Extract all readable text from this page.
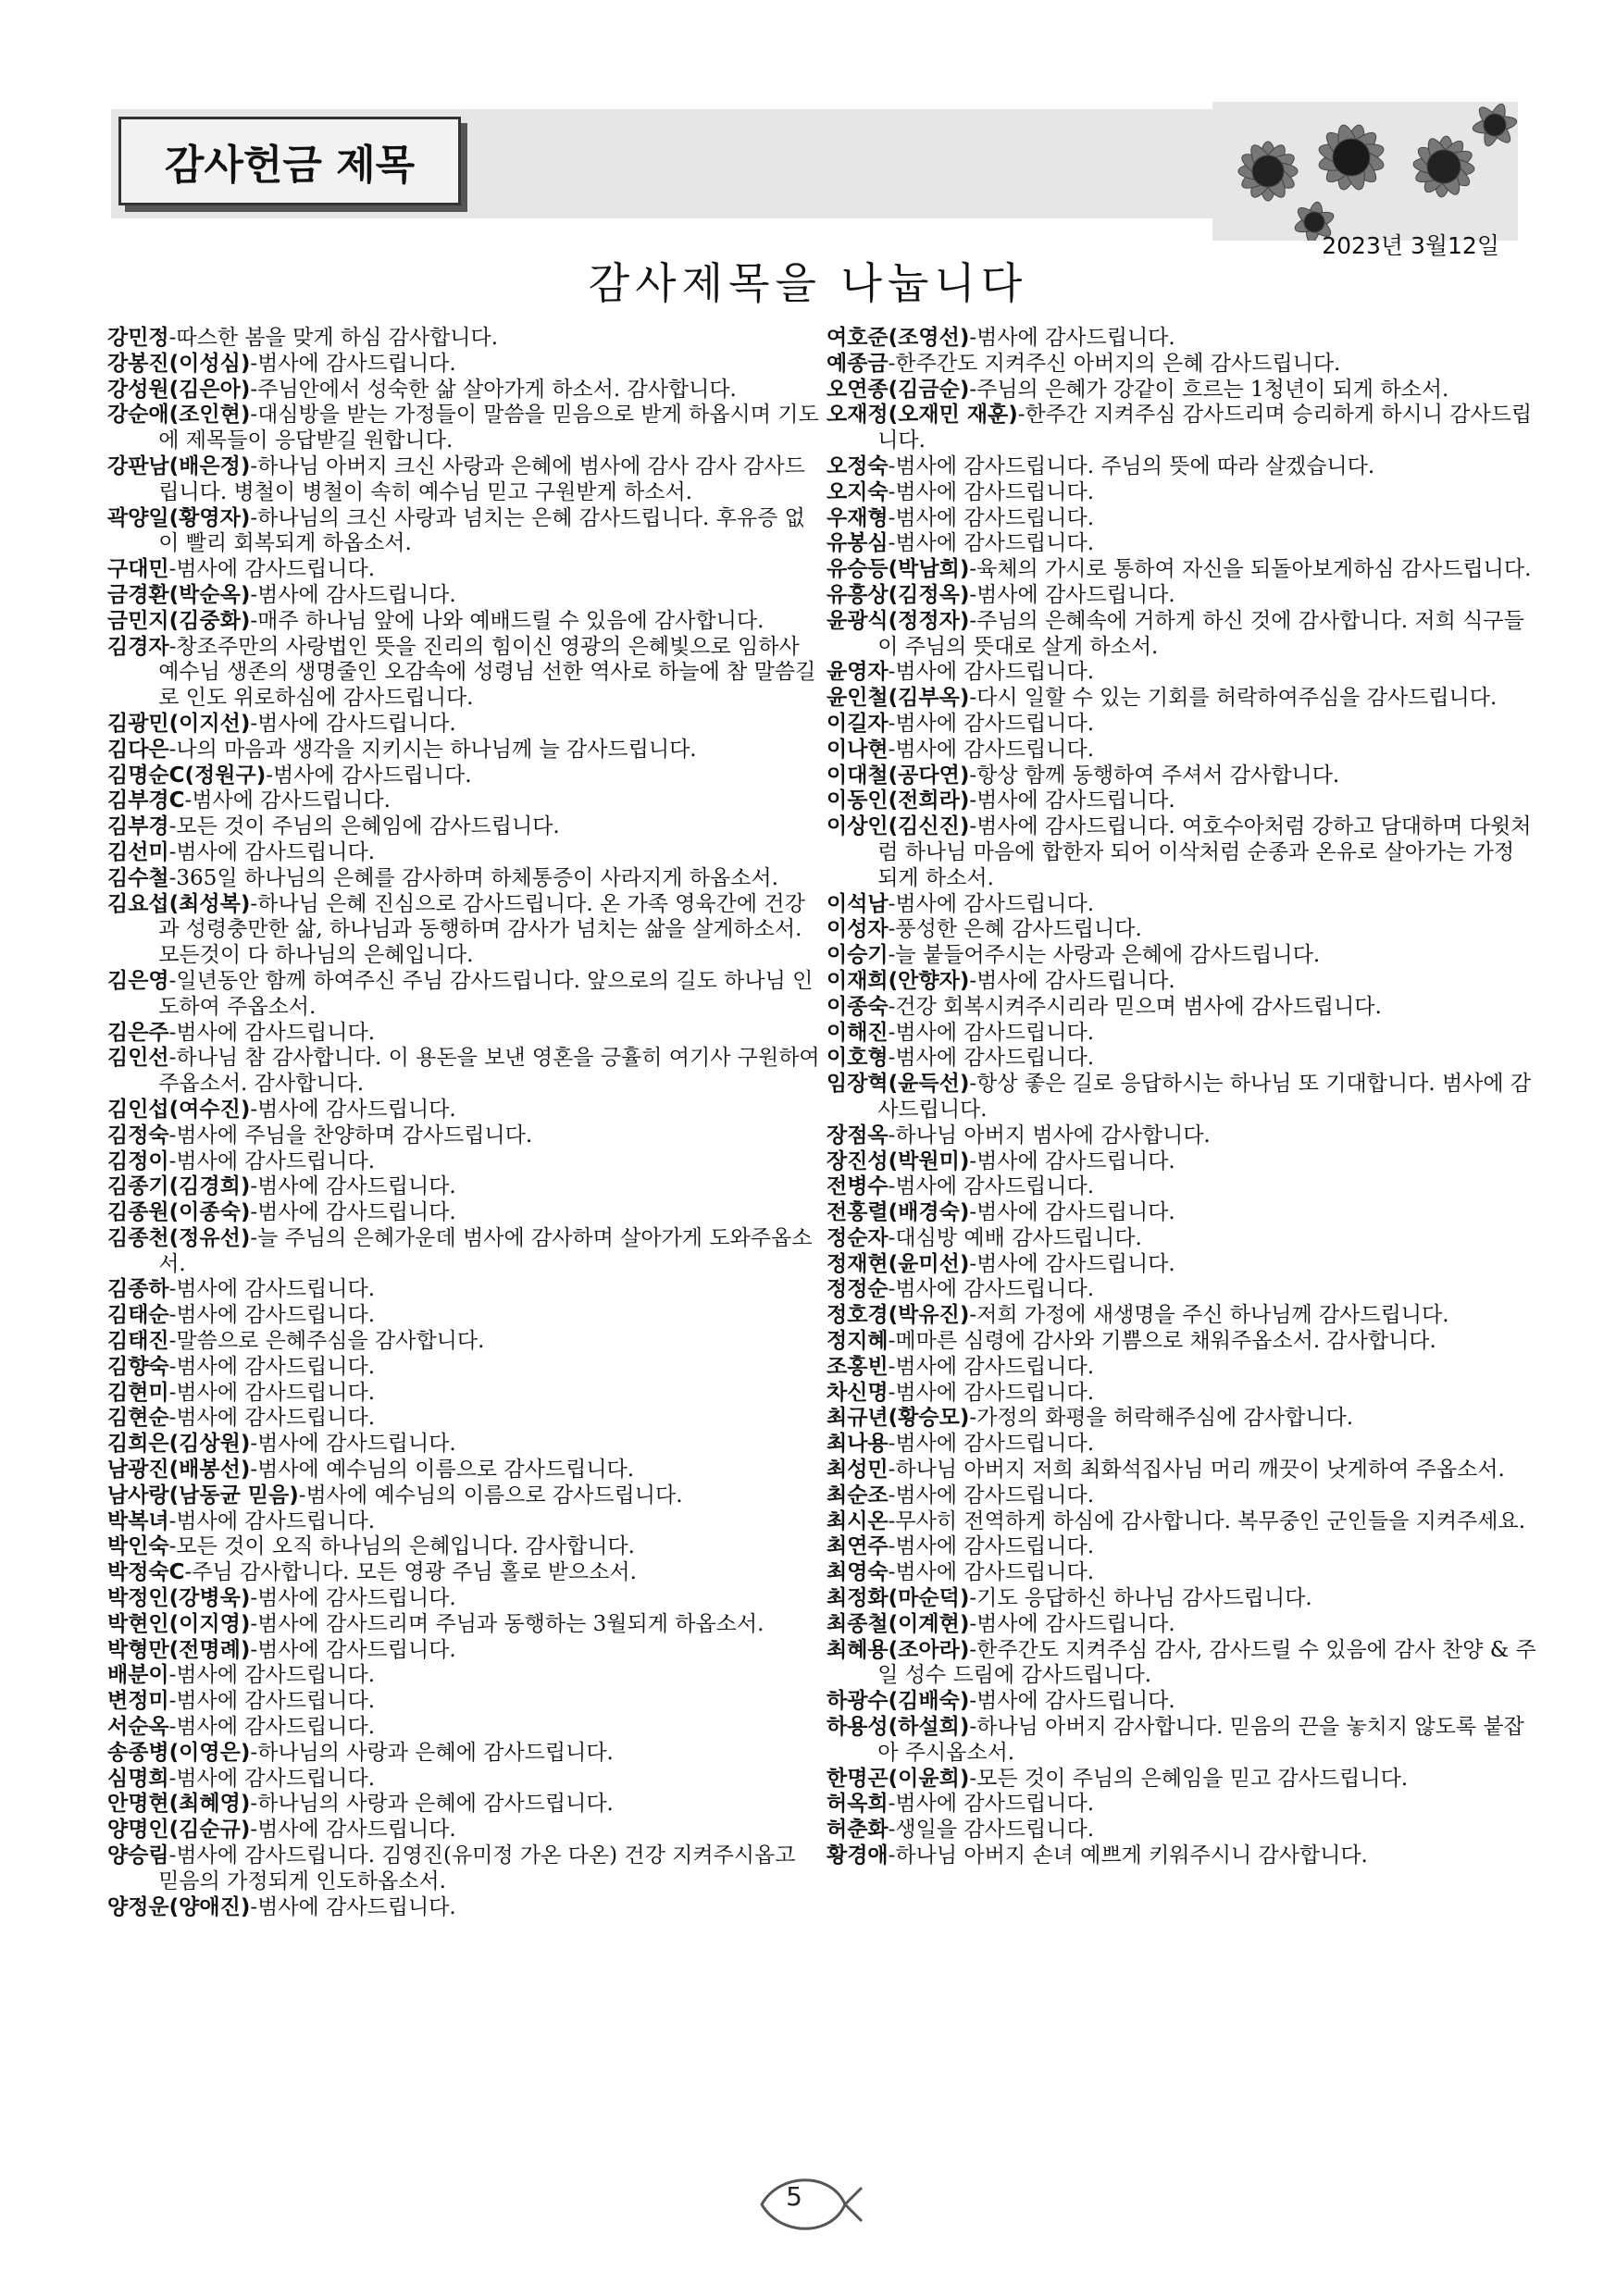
감사헌금 제목
2023년 3월12일
감사제목을 나눕니다

강민정-따스한 봄을 맞게 하심 감사합니다.

강봉진(이성심)-범사에 감사드립니다.

강성원(김은아)-주님안에서 성숙한 삶 살아가게 하소서. 감사합니다.

강순애(조인현)-대심방을 받는 가정들이 말씀을 믿음으로 받게 하옵시며 기도에 제목들이 응답받길 원합니다.

강판남(배은정)-하나님 아버지 크신 사랑과 은혜에 범사에 감사 감사 감사드립니다. 병철이 병철이 속히 예수님 믿고 구원받게 하소서.

곽양일(황영자)-하나님의 크신 사랑과 넘치는 은혜 감사드립니다. 후유증 없이 빨리 회복되게 하옵소서.

구대민-범사에 감사드립니다.

금경환(박순옥)-범사에 감사드립니다.

금민지(김중화)-매주 하나님 앞에 나와 예배드릴 수 있음에 감사합니다.

김경자-창조주만의 사랑법인 뜻을 진리의 힘이신 영광의 은혜빛으로 임하사 예수님 생존의 생명줄인 오감속에 성령님 선한 역사로 하늘에 참 말씀길로 인도 위로하심에 감사드립니다.

김광민(이지선)-범사에 감사드립니다.

김다은-나의 마음과 생각을 지키시는 하나님께 늘 감사드립니다.

김명순C(정원구)-범사에 감사드립니다.

김부경C-범사에 감사드립니다.

김부경-모든 것이 주님의 은혜임에 감사드립니다.

김선미-범사에 감사드립니다.

김수철-365일 하나님의 은혜를 감사하며 하체통증이 사라지게 하옵소서.

김요섭(최성복)-하나님 은혜 진심으로 감사드립니다. 온 가족 영육간에 건강과 성령충만한 삶, 하나님과 동행하며 감사가 넘치는 삶을 살게하소서. 모든것이 다 하나님의 은혜입니다.

김은영-일년동안 함께 하여주신 주님 감사드립니다. 앞으로의 길도 하나님 인도하여 주옵소서.

김은주-범사에 감사드립니다.

김인선-하나님 참 감사합니다. 이 용돈을 보낸 영혼을 긍휼히 여기사 구원하여 주옵소서. 감사합니다.

김인섭(여수진)-범사에 감사드립니다.

김정숙-범사에 주님을 찬양하며 감사드립니다.

김정이-범사에 감사드립니다.

김종기(김경희)-범사에 감사드립니다.

김종원(이종숙)-범사에 감사드립니다.

김종천(정유선)-늘 주님의 은혜가운데 범사에 감사하며 살아가게 도와주옵소서.

김종하-범사에 감사드립니다.

김태순-범사에 감사드립니다.

김태진-말씀으로 은혜주심을 감사합니다.

김향숙-범사에 감사드립니다.

김현미-범사에 감사드립니다.

김현순-범사에 감사드립니다.

김희은(김상원)-범사에 감사드립니다.

남광진(배봉선)-범사에 예수님의 이름으로 감사드립니다.

남사랑(남동균 믿음)-범사에 예수님의 이름으로 감사드립니다.

박복녀-범사에 감사드립니다.

박인숙-모든 것이 오직 하나님의 은혜입니다. 감사합니다.

박정숙C-주님 감사합니다. 모든 영광 주님 홀로 받으소서.

박정인(강병욱)-범사에 감사드립니다.

박현인(이지영)-범사에 감사드리며 주님과 동행하는 3월되게 하옵소서.

박형만(전명례)-범사에 감사드립니다.

배분이-범사에 감사드립니다.

변정미-범사에 감사드립니다.

서순옥-범사에 감사드립니다.

송종병(이영은)-하나님의 사랑과 은혜에 감사드립니다.

심명희-범사에 감사드립니다.

안명현(최혜영)-하나님의 사랑과 은혜에 감사드립니다.

양명인(김순규)-범사에 감사드립니다.

양승림-범사에 감사드립니다. 김영진(유미정 가온 다온) 건강 지켜주시옵고 믿음의 가정되게 인도하옵소서.

양정운(양애진)-범사에 감사드립니다.

여호준(조영선)-범사에 감사드립니다.

예종금-한주간도 지켜주신 아버지의 은혜 감사드립니다.

오연종(김금순)-주님의 은혜가 강같이 흐르는 1청년이 되게 하소서.

오재정(오재민 재훈)-한주간 지켜주심 감사드리며 승리하게 하시니 감사드립니다.

오정숙-범사에 감사드립니다. 주님의 뜻에 따라 살겠습니다.

오지숙-범사에 감사드립니다.

우재형-범사에 감사드립니다.

유봉심-범사에 감사드립니다.

유승등(박남희)-육체의 가시로 통하여 자신을 되돌아보게하심 감사드립니다.

유흥상(김정옥)-범사에 감사드립니다.

윤광식(정정자)-주님의 은혜속에 거하게 하신 것에 감사합니다. 저희 식구들이 주님의 뜻대로 살게 하소서.

윤영자-범사에 감사드립니다.

윤인철(김부옥)-다시 일할 수 있는 기회를 허락하여주심을 감사드립니다.

이길자-범사에 감사드립니다.

이나현-범사에 감사드립니다.

이대철(공다연)-항상 함께 동행하여 주셔서 감사합니다.

이동인(전희라)-범사에 감사드립니다.

이상인(김신진)-범사에 감사드립니다. 여호수아처럼 강하고 담대하며 다윗처럼 하나님 마음에 합한자 되어 이삭처럼 순종과 온유로 살아가는 가정 되게 하소서.

이석남-범사에 감사드립니다.

이성자-풍성한 은혜 감사드립니다.

이승기-늘 붙들어주시는 사랑과 은혜에 감사드립니다.

이재희(안향자)-범사에 감사드립니다.

이종숙-건강 회복시켜주시리라 믿으며 범사에 감사드립니다.

이해진-범사에 감사드립니다.

이호형-범사에 감사드립니다.

임장혁(윤득선)-항상 좋은 길로 응답하시는 하나님 또 기대합니다. 범사에 감사드립니다.

장점옥-하나님 아버지 범사에 감사합니다.

장진성(박원미)-범사에 감사드립니다.

전병수-범사에 감사드립니다.

전홍렬(배경숙)-범사에 감사드립니다.

정순자-대심방 예배 감사드립니다.

정재현(윤미선)-범사에 감사드립니다.

정정순-범사에 감사드립니다.

정호경(박유진)-저희 가정에 새생명을 주신 하나님께 감사드립니다.

정지혜-메마른 심령에 감사와 기쁨으로 채워주옵소서. 감사합니다.

조홍빈-범사에 감사드립니다.

차신명-범사에 감사드립니다.

최규년(황승모)-가정의 화평을 허락해주심에 감사합니다.

최나용-범사에 감사드립니다.

최성민-하나님 아버지 저희 최화석집사님 머리 깨끗이 낫게하여 주옵소서.

최순조-범사에 감사드립니다.

최시온-무사히 전역하게 하심에 감사합니다. 복무중인 군인들을 지켜주세요.

최연주-범사에 감사드립니다.

최영숙-범사에 감사드립니다.

최정화(마순덕)-기도 응답하신 하나님 감사드립니다.

최종철(이계현)-범사에 감사드립니다.

최혜용(조아라)-한주간도 지켜주심 감사, 감사드릴 수 있음에 감사 찬양 & 주일 성수 드림에 감사드립니다.

하광수(김배숙)-범사에 감사드립니다.

하용성(하설희)-하나님 아버지 감사합니다. 믿음의 끈을 놓치지 않도록 붙잡아 주시옵소서.

한명곤(이윤희)-모든 것이 주님의 은혜임을 믿고 감사드립니다.

허옥희-범사에 감사드립니다.

허춘화-생일을 감사드립니다.

황경애-하나님 아버지 손녀 예쁘게 키워주시니 감사합니다.

5
